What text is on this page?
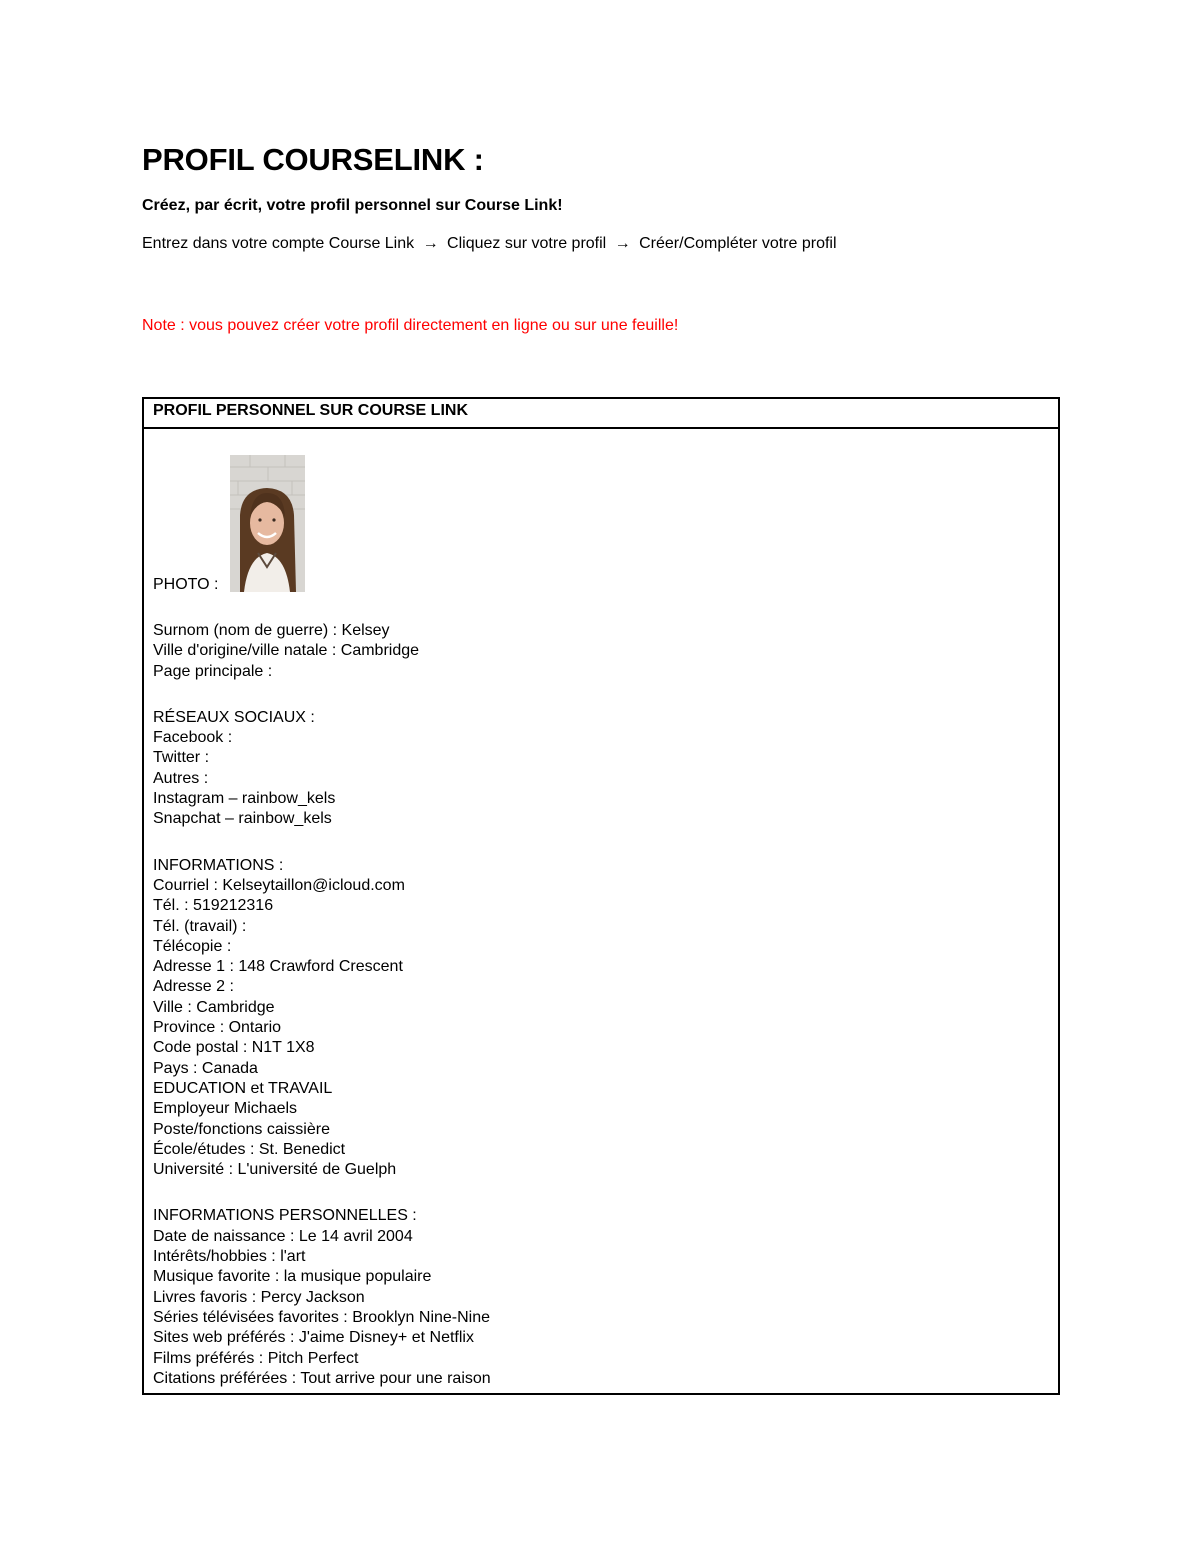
PROFIL COURSELINK :

Créez, par écrit, votre profil personnel sur Course Link!

Entrez dans votre compte Course Link → Cliquez sur votre profil → Créer/Compléter votre profil

Note : vous pouvez créer votre profil directement en ligne ou sur une feuille!

PROFIL PERSONNEL SUR COURSE LINK
PHOTO :
Surnom (nom de guerre) : Kelsey
Ville d'origine/ville natale : Cambridge
Page principale :
RÉSEAUX SOCIAUX :
Facebook :
Twitter :
Autres :
Instagram – rainbow_kels
Snapchat – rainbow_kels
INFORMATIONS :
Courriel : Kelseytaillon@icloud.com
Tél. : 519212316
Tél. (travail) :
Télécopie :
Adresse 1 : 148 Crawford Crescent
Adresse 2 :
Ville : Cambridge
Province : Ontario
Code postal : N1T 1X8
Pays : Canada
EDUCATION et TRAVAIL
Employeur Michaels
Poste/fonctions caissière
École/études : St. Benedict
Université : L'université de Guelph
INFORMATIONS PERSONNELLES :
Date de naissance : Le 14 avril 2004
Intérêts/hobbies : l'art
Musique favorite : la musique populaire
Livres favoris : Percy Jackson
Séries télévisées favorites : Brooklyn Nine-Nine
Sites web préférés : J'aime Disney+ et Netflix
Films préférés : Pitch Perfect
Citations préférées : Tout arrive pour une raison
